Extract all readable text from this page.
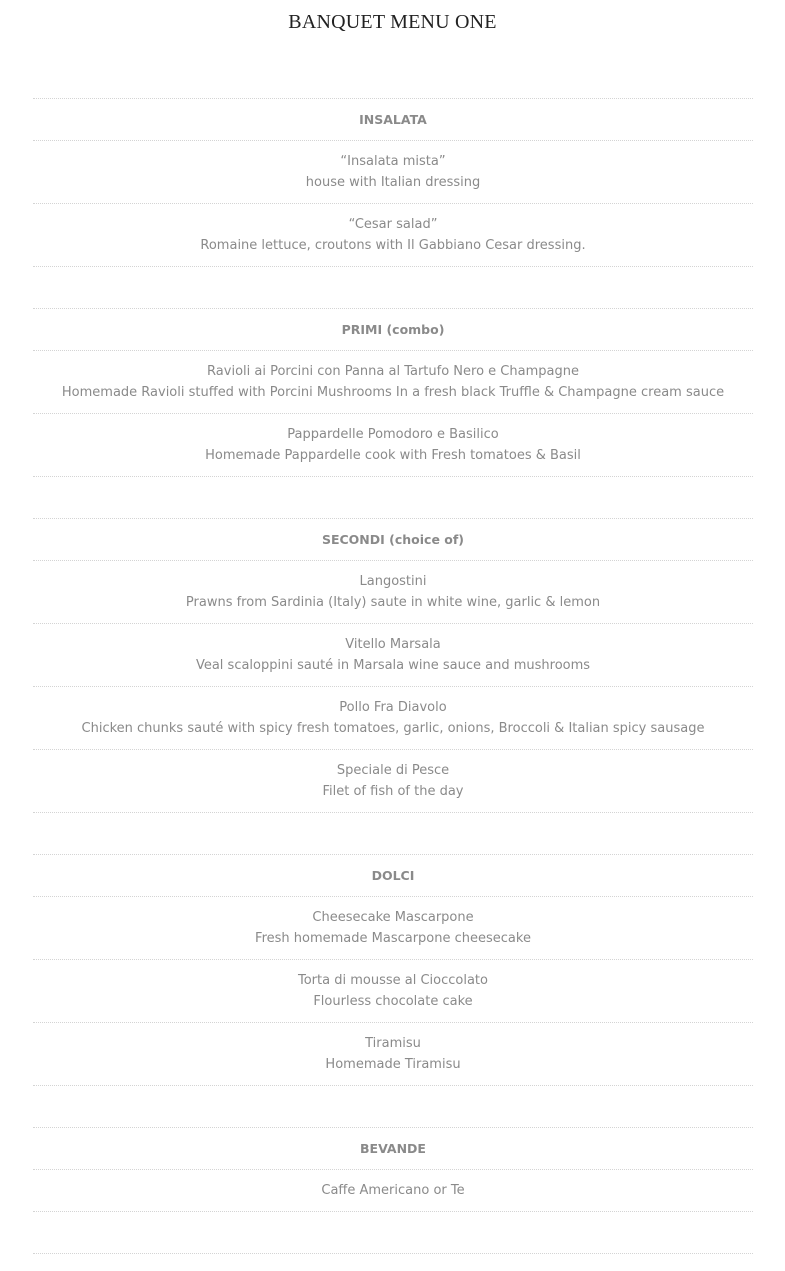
BANQUET MENU ONE
INSALATA
“Insalata mista”
house with Italian dressing
“Cesar salad”
Romaine lettuce, croutons with Il Gabbiano Cesar dressing.
PRIMI (combo)
Ravioli ai Porcini con Panna al Tartufo Nero e Champagne
Homemade Ravioli stuffed with Porcini Mushrooms In a fresh black Truffle & Champagne cream sauce
Pappardelle Pomodoro e Basilico
Homemade Pappardelle cook with Fresh tomatoes & Basil
SECONDI (choice of)
Langostini
Prawns from Sardinia (Italy) saute in white wine, garlic & lemon
Vitello Marsala
Veal scaloppini sauté in Marsala wine sauce and mushrooms
Pollo Fra Diavolo
Chicken chunks sauté with spicy fresh tomatoes, garlic, onions, Broccoli & Italian spicy sausage
Speciale di Pesce
Filet of fish of the day
DOLCI
Cheesecake Mascarpone
Fresh homemade Mascarpone cheesecake
Torta di mousse al Cioccolato
Flourless chocolate cake
Tiramisu
Homemade Tiramisu
BEVANDE
Caffe Americano or Te
